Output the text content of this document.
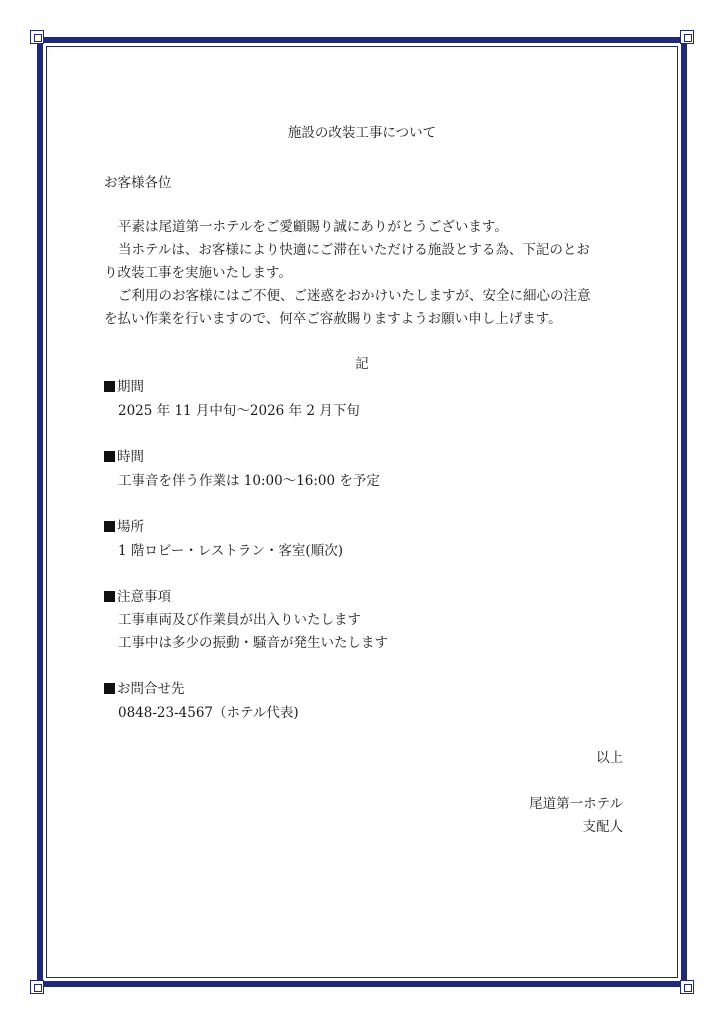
施設の改装工事について
お客様各位
平素は尾道第一ホテルをご愛顧賜り誠にありがとうございます。
当ホテルは、お客様により快適にご滞在いただける施設とする為、下記のとお
り改装工事を実施いたします。
ご利用のお客様にはご不便、ご迷惑をおかけいたしますが、安全に細心の注意
を払い作業を行いますので、何卒ご容赦賜りますようお願い申し上げます。
記
期間
2025 年 11 月中旬～2026 年 2 月下旬
時間
工事音を伴う作業は 10:00～16:00 を予定
場所
1 階ロビー・レストラン・客室(順次)
注意事項
工事車両及び作業員が出入りいたします
工事中は多少の振動・騒音が発生いたします
お問合せ先
0848-23-4567（ホテル代表)
以上
尾道第一ホテル
支配人
